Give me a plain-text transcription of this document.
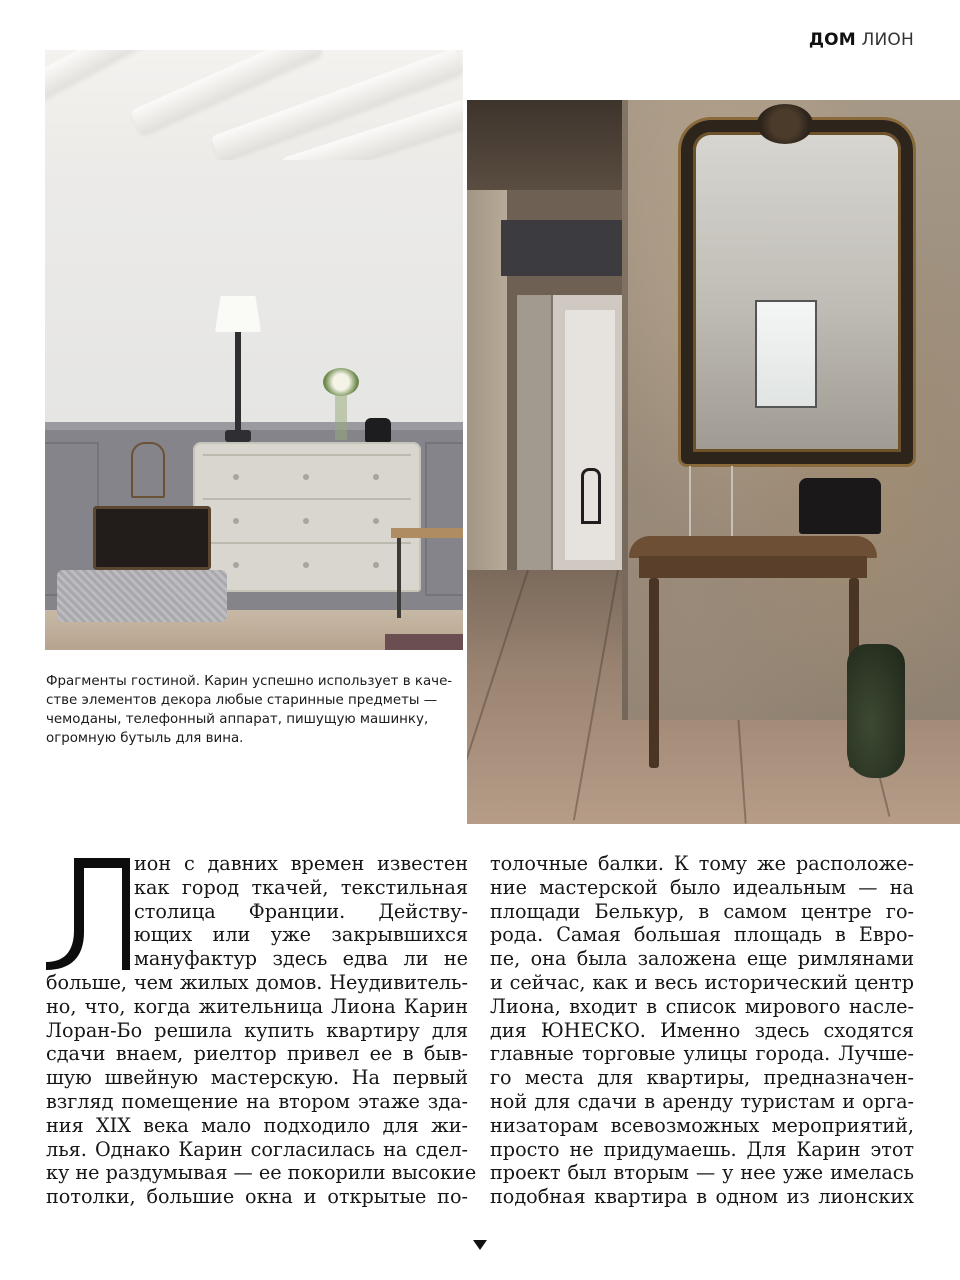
ДОМ ЛИОН
Фрагменты гостиной. Карин успешно использует в каче-
стве элементов декора любые старинные предметы —
чемоданы, телефонный аппарат, пишущую машинку,
огромную бутыль для вина.
ион с давних времен известен
как город ткачей, текстильная
столица Франции. Действу-
ющих или уже закрывшихся
мануфактур здесь едва ли не
больше, чем жилых домов. Неудивитель-
но, что, когда жительница Лиона Карин
Лоран-Бо решила купить квартиру для
сдачи внаем, риелтор привел ее в быв-
шую швейную мастерскую. На первый
взгляд помещение на втором этаже зда-
ния XIX века мало подходило для жи-
лья. Однако Карин согласилась на сдел-
ку не раздумывая — ее покорили высокие
потолки, большие окна и открытые по-
толочные балки. К тому же расположе-
ние мастерской было идеальным — на
площади Белькур, в самом центре го-
рода. Самая большая площадь в Евро-
пе, она была заложена еще римлянами
и сейчас, как и весь исторический центр
Лиона, входит в список мирового насле-
дия ЮНЕСКО. Именно здесь сходятся
главные торговые улицы города. Лучше-
го места для квартиры, предназначен-
ной для сдачи в аренду туристам и орга-
низаторам всевозможных мероприятий,
просто не придумаешь. Для Карин этот
проект был вторым — у нее уже имелась
подобная квартира в одном из лионских
